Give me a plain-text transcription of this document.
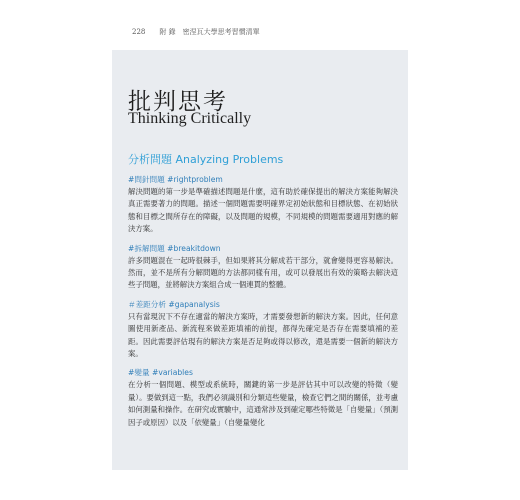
228 附 錄　密涅瓦大學思考習慣清單
批判思考
Thinking Critically
分析問題 Analyzing Problems
#問針問題 #rightproblem
解決問題的第一步是準確描述問題是什麼，這有助於確保提出的解決方案能夠解決真正需要著力的問題。描述一個問題需要明確界定初始狀態和目標狀態、在初始狀態和目標之間所存在的障礙，以及問題的規模，不同規模的問題需要適用對應的解決方案。
#拆解問題 #breakitdown
許多問題混在一起時很棘手，但如果將其分解成若干部分，就會變得更容易解決。然而，並不是所有分解問題的方法都同樣有用，或可以發展出有效的策略去解決這些子問題，並將解決方案組合成一個連貫的整體。
＃差距分析 #gapanalysis
只有當現況下不存在適當的解決方案時，才需要發想新的解決方案。因此，任何意圖使用新產品、新流程來做差距填補的前提，都得先確定是否存在需要填補的差距。因此需要評估現有的解決方案是否足夠或得以修改，還是需要一個新的解決方案。
#變量 #variables
在分析一個問題、模型或系統時，關鍵的第一步是評估其中可以改變的特徵（變量）。要做到這一點，我們必須識別和分類這些變量，檢查它們之間的關係，並考慮如何測量和操作。在研究或實驗中，這通常涉及到確定哪些特徵是「自變量」（預測因子或原因）以及「依變量」（自變量變化
